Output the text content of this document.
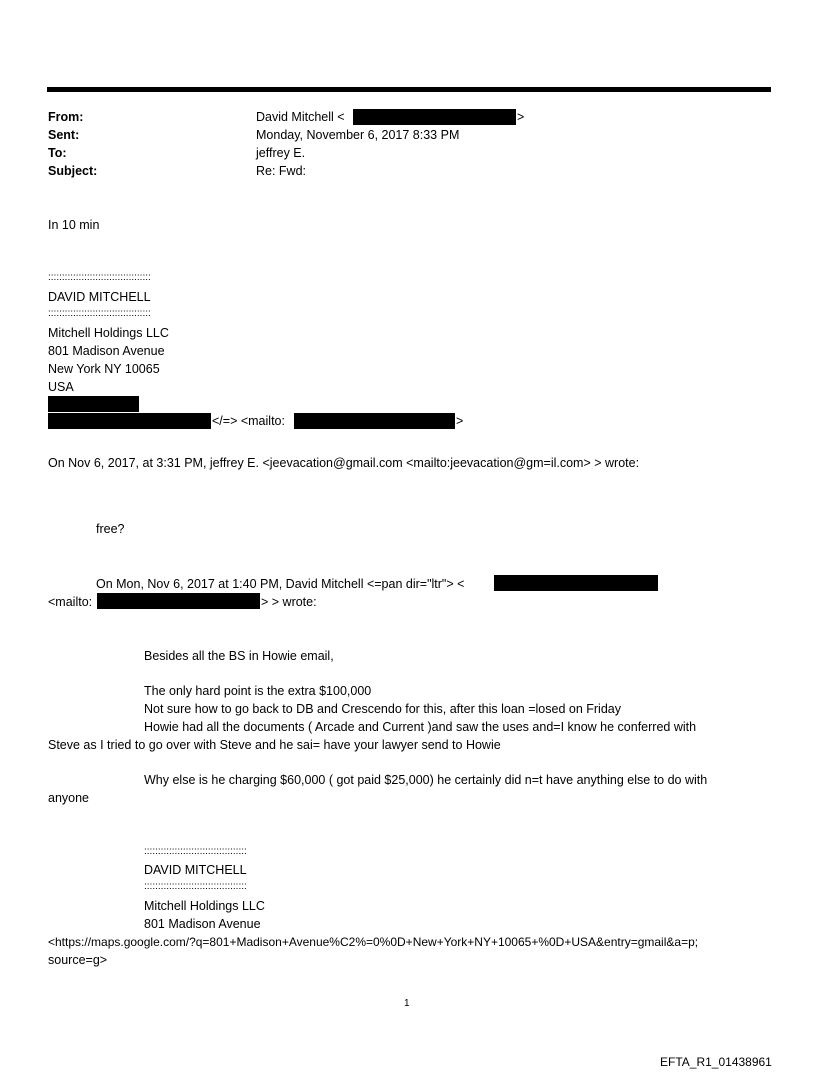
From:	David Mitchell <	>
Sent:	Monday, November 6, 2017 8:33 PM
To:	jeffrey E.
Subject:	Re: Fwd:
In 10 min
:::::::::::::::::::::::::::::::::::::
DAVID MITCHELL
:::::::::::::::::::::::::::::::::::::
Mitchell Holdings LLC
801 Madison Avenue
New York NY 10065
USA
</=> <mailto:	>
On Nov 6, 2017, at 3:31 PM, jeffrey E. <jeevacation@gmail.com <mailto:jeevacation@gm=il.com> > wrote:
free?
On Mon, Nov 6, 2017 at 1:40 PM, David Mitchell <=pan dir="ltr"> <
<mailto:	> > wrote:
Besides all the BS in Howie email,
The only hard point is the extra $100,000
Not sure how to go back to DB and Crescendo for this, after this loan =losed on Friday
Howie had all the documents ( Arcade and Current )and saw the uses and=I know he conferred with
Steve as I tried to go over with Steve and he sai= have your lawyer send to Howie
Why else is he charging $60,000 ( got paid $25,000) he certainly did n=t have anything else to do with
anyone
:::::::::::::::::::::::::::::::::::::
DAVID MITCHELL
:::::::::::::::::::::::::::::::::::::
Mitchell Holdings LLC
801 Madison Avenue
<https://maps.google.com/?q=801+Madison+Avenue%C2%=0%0D+New+York+NY+10065+%0D+USA&entry=gmail&a=p;
source=g>
1
EFTA_R1_01438961
